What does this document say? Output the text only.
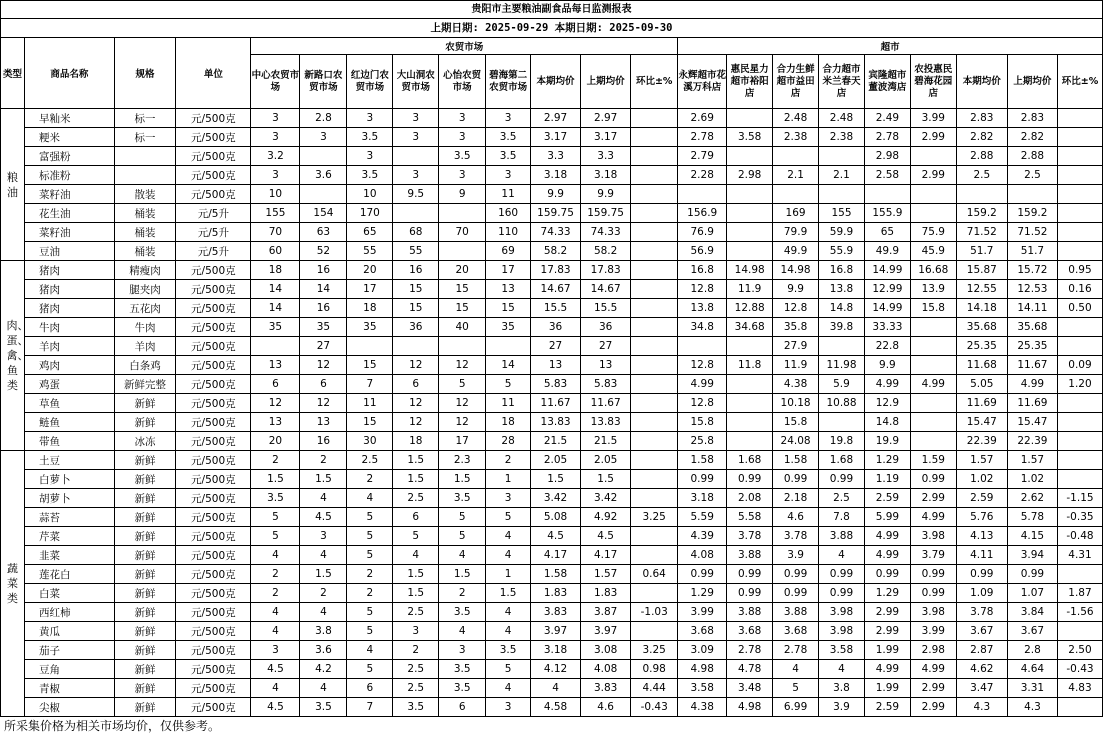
贵阳市主要粮油副食品每日监测报表
上期日期: 2025-09-29 本期日期: 2025-09-30
类型	商品名称	规格	单位	农贸市场									超市								
				中心农贸市场	新路口农贸市场	红边门农贸市场	大山洞农贸市场	心怡农贸市场	碧海第二农贸市场	本期均价	上期均价	环比±%	永辉超市花溪万科店	惠民星力超市裕阳店	合力生鲜超市益田店	合力超市米兰春天店	宾隆超市董波湾店	农投惠民碧海花园店	本期均价	上期均价	环比±%
粮油	早籼米	标一	元/500克	3	2.8	3	3	3	3	2.97	2.97		2.69		2.48	2.48	2.49	3.99	2.83	2.83	
	粳米	标一	元/500克	3	3	3.5	3	3	3.5	3.17	3.17		2.78	3.58	2.38	2.38	2.78	2.99	2.82	2.82	
	富强粉		元/500克	3.2		3		3.5	3.5	3.3	3.3		2.79				2.98		2.88	2.88	
	标准粉		元/500克	3	3.6	3.5	3	3	3	3.18	3.18		2.28	2.98	2.1	2.1	2.58	2.99	2.5	2.5	
	菜籽油	散装	元/500克	10		10	9.5	9	11	9.9	9.9										
	花生油	桶装	元/5升	155	154	170			160	159.75	159.75		156.9		169	155	155.9		159.2	159.2	
	菜籽油	桶装	元/5升	70	63	65	68	70	110	74.33	74.33		76.9		79.9	59.9	65	75.9	71.52	71.52	
	豆油	桶装	元/5升	60	52	55	55		69	58.2	58.2		56.9		49.9	55.9	49.9	45.9	51.7	51.7	
肉、蛋、禽、鱼类	猪肉	精瘦肉	元/500克	18	16	20	16	20	17	17.83	17.83		16.8	14.98	14.98	16.8	14.99	16.68	15.87	15.72	0.95
	猪肉	腿夹肉	元/500克	14	14	17	15	15	13	14.67	14.67		12.8	11.9	9.9	13.8	12.99	13.9	12.55	12.53	0.16
	猪肉	五花肉	元/500克	14	16	18	15	15	15	15.5	15.5		13.8	12.88	12.8	14.8	14.99	15.8	14.18	14.11	0.50
	牛肉	牛肉	元/500克	35	35	35	36	40	35	36	36		34.8	34.68	35.8	39.8	33.33		35.68	35.68	
	羊肉	羊肉	元/500克		27					27	27				27.9		22.8		25.35	25.35	
	鸡肉	白条鸡	元/500克	13	12	15	12	12	14	13	13		12.8	11.8	11.9	11.98	9.9		11.68	11.67	0.09
	鸡蛋	新鲜完整	元/500克	6	6	7	6	5	5	5.83	5.83		4.99		4.38	5.9	4.99	4.99	5.05	4.99	1.20
	草鱼	新鲜	元/500克	12	12	11	12	12	11	11.67	11.67		12.8		10.18	10.88	12.9		11.69	11.69	
	鲢鱼	新鲜	元/500克	13	13	15	12	12	18	13.83	13.83		15.8		15.8		14.8		15.47	15.47	
	带鱼	冰冻	元/500克	20	16	30	18	17	28	21.5	21.5		25.8		24.08	19.8	19.9		22.39	22.39	
蔬菜类	土豆	新鲜	元/500克	2	2	2.5	1.5	2.3	2	2.05	2.05		1.58	1.68	1.58	1.68	1.29	1.59	1.57	1.57	
	白萝卜	新鲜	元/500克	1.5	1.5	2	1.5	1.5	1	1.5	1.5		0.99	0.99	0.99	0.99	1.19	0.99	1.02	1.02	
	胡萝卜	新鲜	元/500克	3.5	4	4	2.5	3.5	3	3.42	3.42		3.18	2.08	2.18	2.5	2.59	2.99	2.59	2.62	-1.15
	蒜苔	新鲜	元/500克	5	4.5	5	6	5	5	5.08	4.92	3.25	5.59	5.58	4.6	7.8	5.99	4.99	5.76	5.78	-0.35
	芹菜	新鲜	元/500克	5	3	5	5	5	4	4.5	4.5		4.39	3.78	3.78	3.88	4.99	3.98	4.13	4.15	-0.48
	韭菜	新鲜	元/500克	4	4	5	4	4	4	4.17	4.17		4.08	3.88	3.9	4	4.99	3.79	4.11	3.94	4.31
	莲花白	新鲜	元/500克	2	1.5	2	1.5	1.5	1	1.58	1.57	0.64	0.99	0.99	0.99	0.99	0.99	0.99	0.99	0.99	
	白菜	新鲜	元/500克	2	2	2	1.5	2	1.5	1.83	1.83		1.29	0.99	0.99	0.99	1.29	0.99	1.09	1.07	1.87
	西红柿	新鲜	元/500克	4	4	5	2.5	3.5	4	3.83	3.87	-1.03	3.99	3.88	3.88	3.98	2.99	3.98	3.78	3.84	-1.56
	黄瓜	新鲜	元/500克	4	3.8	5	3	4	4	3.97	3.97		3.68	3.68	3.68	3.98	2.99	3.99	3.67	3.67	
	茄子	新鲜	元/500克	3	3.6	4	2	3	3.5	3.18	3.08	3.25	3.09	2.78	2.78	3.58	1.99	2.98	2.87	2.8	2.50
	豆角	新鲜	元/500克	4.5	4.2	5	2.5	3.5	5	4.12	4.08	0.98	4.98	4.78	4	4	4.99	4.99	4.62	4.64	-0.43
	青椒	新鲜	元/500克	4	4	6	2.5	3.5	4	4	3.83	4.44	3.58	3.48	5	3.8	1.99	2.99	3.47	3.31	4.83
	尖椒	新鲜	元/500克	4.5	3.5	7	3.5	6	3	4.58	4.6	-0.43	4.38	4.98	6.99	3.9	2.59	2.99	4.3	4.3	
所采集价格为相关市场均价，仅供参考。
